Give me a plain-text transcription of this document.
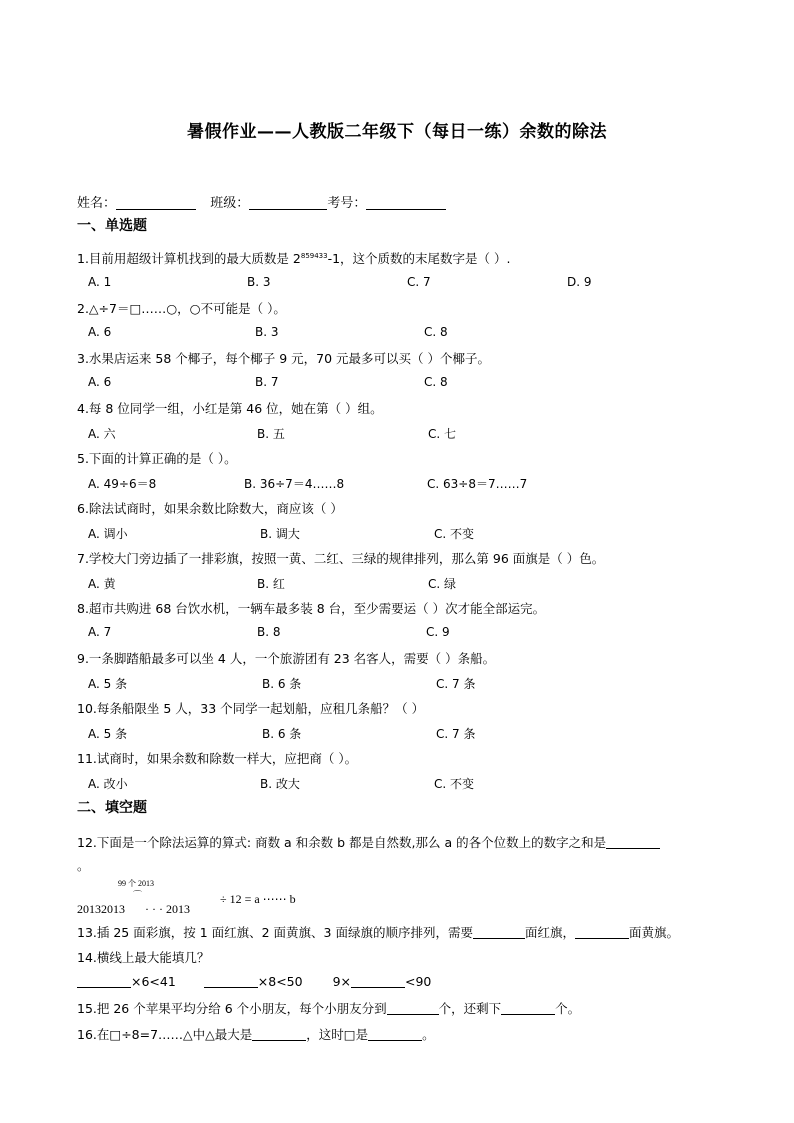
暑假作业——人教版二年级下（每日一练）余数的除法
姓名：	班级：	考号：
一、单选题
1.目前用超级计算机找到的最大质数是 $2^{859433}-1$，这个质数的末尾数字是（ ）.
A. 1	B. 3	C. 7	D. 9
2.△÷7＝□……○，○不可能是（ ）。
A. 6	B. 3	C. 8
3.水果店运来 58 个椰子，每个椰子 9 元，70 元最多可以买（ ）个椰子。
A. 6	B. 7	C. 8
4.每 8 位同学一组，小红是第 46 位，她在第（ ）组。
A. 六	B. 五	C. 七
5.下面的计算正确的是（ ）。
A. 49÷6＝8	B. 36÷7＝4……8	C. 63÷8＝7……7
6.除法试商时，如果余数比除数大，商应该（ ）
A. 调小	B. 调大	C. 不变
7.学校大门旁边插了一排彩旗，按照一黄、二红、三绿的规律排列，那么第 96 面旗是（ ）色。
A. 黄	B. 红	C. 绿
8.超市共购进 68 台饮水机，一辆车最多装 8 台，至少需要运（ ）次才能全部运完。
A. 7	B. 8	C. 9
9.一条脚踏船最多可以坐 4 人，一个旅游团有 23 名客人，需要（ ）条船。
A. 5 条	B. 6 条	C. 7 条
10.每条船限坐 5 人，33 个同学一起划船，应租几条船？（ ）
A. 5 条	B. 6 条	C. 7 条
11.试商时，如果余数和除数一样大，应把商（ ）。
A. 改小	B. 改大	C. 不变
二、填空题
12.下面是一个除法运算的算式: 商数 a 和余数 b 都是自然数,那么 a 的各个位数上的数字之和是
。
99 个 2013
⌒
20132013 · · · 2013
÷ 12 = a ⋯⋯ b
13.插 25 面彩旗，按 1 面红旗、2 面黄旗、3 面绿旗的顺序排列，需要	面红旗，	面黄旗。
14.横线上最大能填几？
×6<41	×8<50 9×	<90
15.把 26 个苹果平均分给 6 个小朋友，每个小朋友分到	个，还剩下	个。
16.在□÷8=7……△中△最大是	，这时□是	。
